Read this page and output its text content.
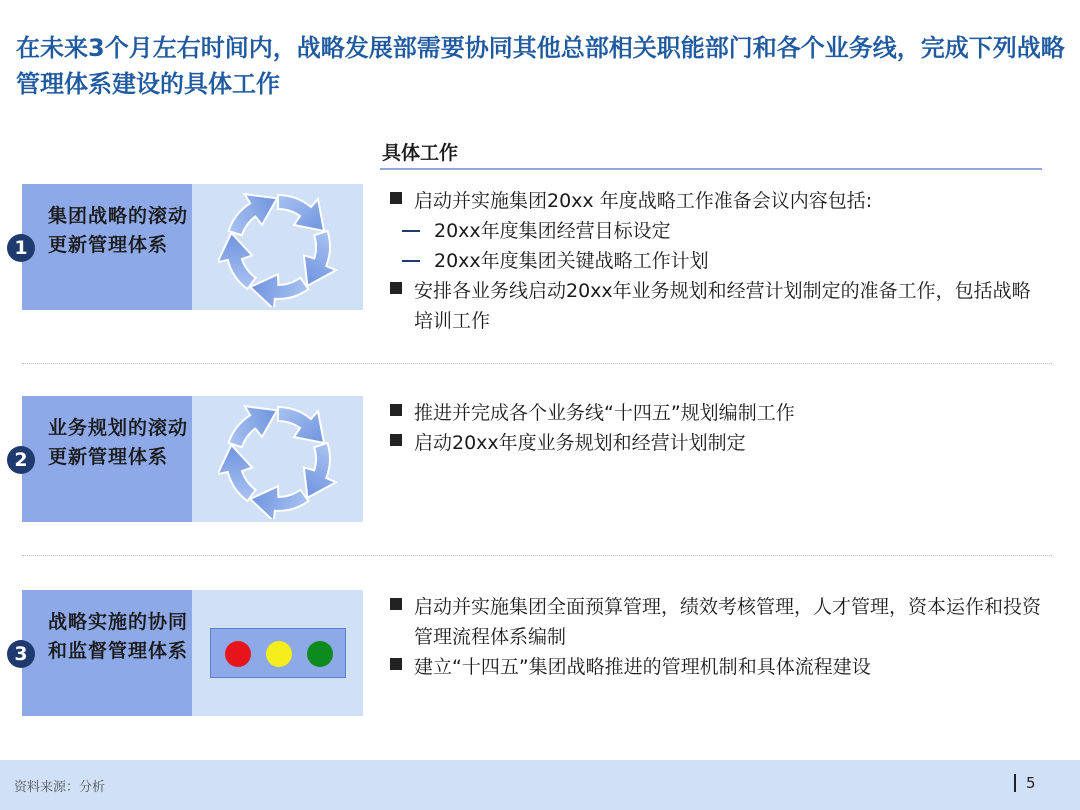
在未来3个月左右时间内，战略发展部需要协同其他总部相关职能部门和各个业务线，完成下列战略管理体系建设的具体工作
具体工作
集团战略的滚动更新管理体系
1
启动并实施集团20xx 年度战略工作准备会议内容包括:
20xx年度集团经营目标设定
20xx年度集团关键战略工作计划
安排各业务线启动20xx年业务规划和经营计划制定的准备工作，包括战略培训工作
业务规划的滚动更新管理体系
2
推进并完成各个业务线“十四五”规划编制工作
启动20xx年度业务规划和经营计划制定
战略实施的协同和监督管理体系
3
启动并实施集团全面预算管理，绩效考核管理，人才管理，资本运作和投资管理流程体系编制
建立“十四五”集团战略推进的管理机制和具体流程建设
资料来源：分析	5
